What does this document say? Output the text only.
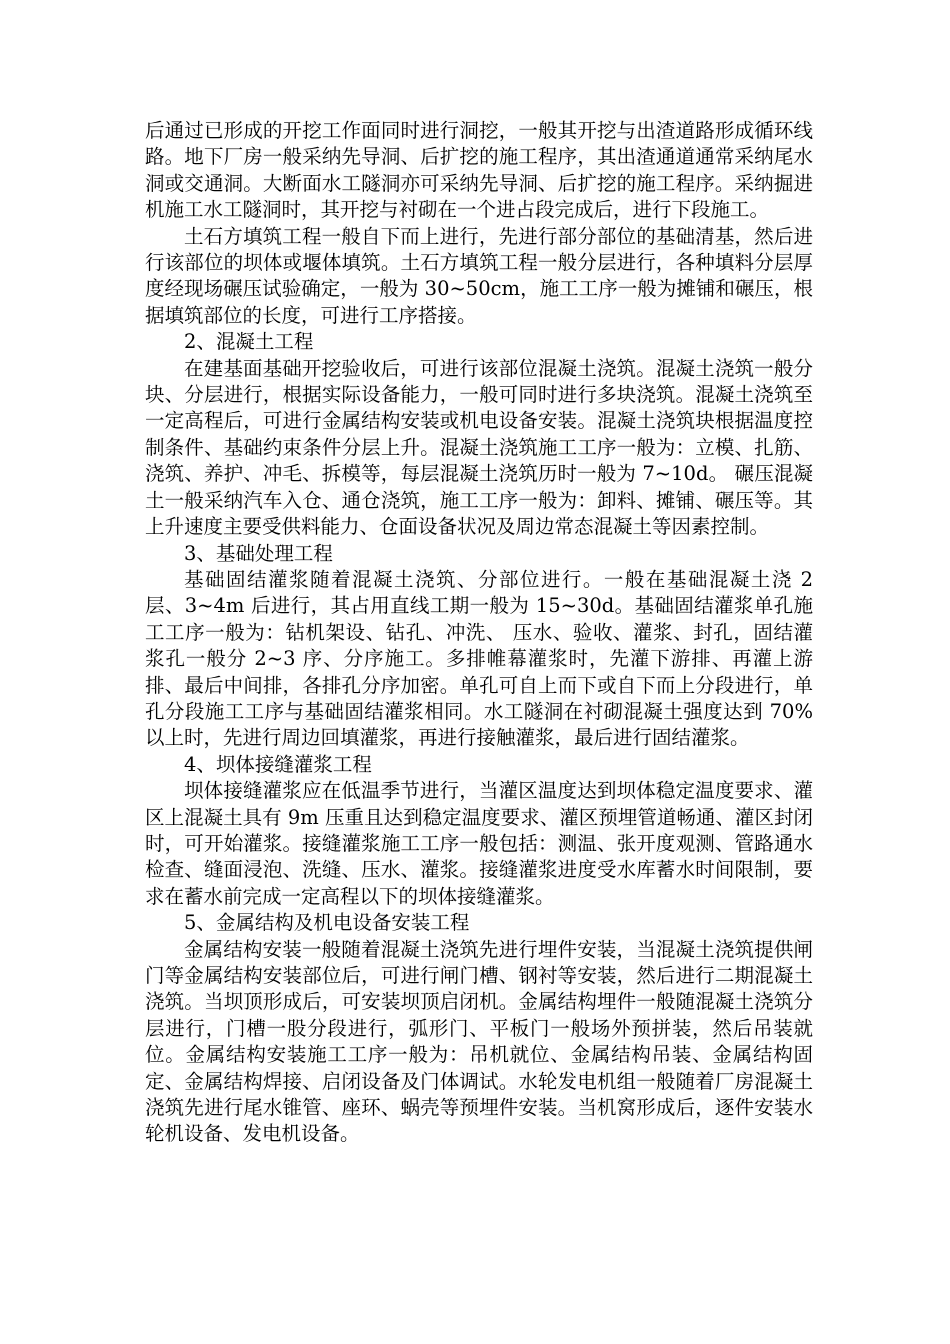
后通过已形成的开挖工作面同时进行洞挖，一般其开挖与出渣道路形成循环线路。地下厂房一般采纳先导洞、后扩挖的施工程序，其出渣通道通常采纳尾水洞或交通洞。大断面水工隧洞亦可采纳先导洞、后扩挖的施工程序。采纳掘进机施工水工隧洞时，其开挖与衬砌在一个进占段完成后，进行下段施工。

土石方填筑工程一般自下而上进行，先进行部分部位的基础清基，然后进行该部位的坝体或堰体填筑。土石方填筑工程一般分层进行，各种填料分层厚度经现场碾压试验确定，一般为 30~50cm，施工工序一般为摊铺和碾压，根据填筑部位的长度，可进行工序搭接。

2、混凝土工程

在建基面基础开挖验收后，可进行该部位混凝土浇筑。混凝土浇筑一般分块、分层进行，根据实际设备能力，一般可同时进行多块浇筑。混凝土浇筑至一定高程后，可进行金属结构安装或机电设备安装。混凝土浇筑块根据温度控制条件、基础约束条件分层上升。混凝土浇筑施工工序一般为：立模、扎筋、浇筑、养护、冲毛、拆模等，每层混凝土浇筑历时一般为 7~10d。 碾压混凝土一般采纳汽车入仓、通仓浇筑，施工工序一般为：卸料、摊铺、碾压等。其上升速度主要受供料能力、仓面设备状况及周边常态混凝土等因素控制。

3、基础处理工程

基础固结灌浆随着混凝土浇筑、分部位进行。一般在基础混凝土浇 2 层、3~4m 后进行，其占用直线工期一般为 15~30d。基础固结灌浆单孔施工工序一般为：钻机架设、钻孔、冲洗、 压水、验收、灌浆、封孔，固结灌浆孔一般分 2~3 序、分序施工。多排帷幕灌浆时，先灌下游排、再灌上游排、最后中间排，各排孔分序加密。单孔可自上而下或自下而上分段进行，单孔分段施工工序与基础固结灌浆相同。水工隧洞在衬砌混凝土强度达到 70%以上时，先进行周边回填灌浆，再进行接触灌浆，最后进行固结灌浆。

4、坝体接缝灌浆工程

坝体接缝灌浆应在低温季节进行，当灌区温度达到坝体稳定温度要求、灌区上混凝土具有 9m 压重且达到稳定温度要求、灌区预埋管道畅通、灌区封闭时，可开始灌浆。接缝灌浆施工工序一般包括：测温、张开度观测、管路通水检查、缝面浸泡、洗缝、压水、灌浆。接缝灌浆进度受水库蓄水时间限制，要求在蓄水前完成一定高程以下的坝体接缝灌浆。

5、金属结构及机电设备安装工程

金属结构安装一般随着混凝土浇筑先进行埋件安装，当混凝土浇筑提供闸门等金属结构安装部位后，可进行闸门槽、钢衬等安装，然后进行二期混凝土浇筑。当坝顶形成后，可安装坝顶启闭机。金属结构埋件一般随混凝土浇筑分层进行，门槽一股分段进行，弧形门、平板门一般场外预拼装，然后吊装就位。金属结构安装施工工序一般为：吊机就位、金属结构吊装、金属结构固定、金属结构焊接、启闭设备及门体调试。水轮发电机组一般随着厂房混凝土浇筑先进行尾水锥管、座环、蜗壳等预埋件安装。当机窝形成后，逐件安装水轮机设备、发电机设备。
